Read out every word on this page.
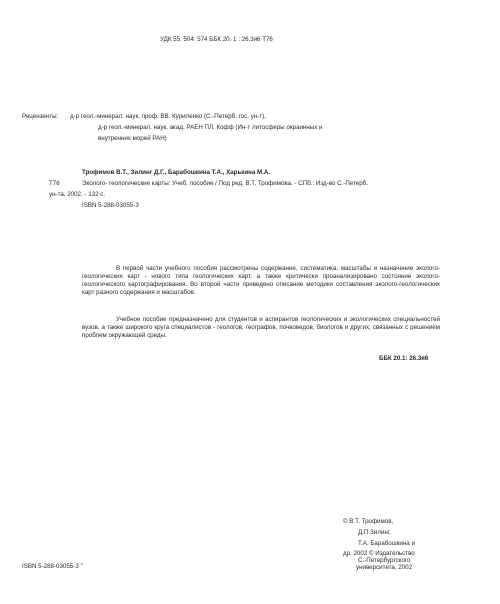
УДК 55: 504: 574 ББК 20. 1 : 26.3я6 Т76
Рецензенты: д-р геол.-минерал. наук, проф. ВВ. Куриленко (С.-Петерб. гос. ун-т),
д-р геол.-минерал. наук, акад. РАЕН ПЛ. Кофф (Ин-т литосферы окраинных и
внутренних морей РАН)
Трофимов В.Т., Зилинг Д.Г., Барабошкина Т.А., Харькина М.А.
Т76	Эколого- геологические карты: Учеб. пособие / Под ред. В.Т, Трофимова. - СПб.: Изд-во С.-Петерб.
ун-та, 2002. - 132 с.
ISBN 5-288-03055-3
В первой части учебного пособия рассмотрены содержание, систематика, масштабы и назначение эколого-геологических карт - нового типа геологических карт, а также критически проанализировано состояние эколого-геологического картографирования. Во второй части приведено описание методики составления эколого-геологических карт разного содержания и масштабов.
Учебное пособие предназначено для студентов и аспирантов геологических и экологических специальностей вузов, а также широкого круга специалистов - геологов, географов, почвоведов, биологов и других, связанных с решением проблем окружающей среды.
ББК 20.1: 26.3я6
© В.Т. Трофимов,
Д.П Зилинг,
Т.А. Барабошкина и
др, 2002 © Издательство
С.-Петербургского
университета, 2002
ISBN 5-288-03055-3 "
